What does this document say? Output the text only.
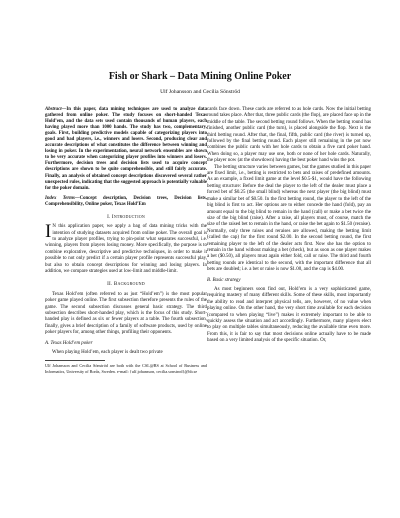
Fish or Shark – Data Mining Online Poker
Ulf Johansson and Cecilia Sönströd
Abstract—In this paper, data mining techniques are used to analyze data gathered from online poker. The study focuses on short-handed Texas Hold’em, and the data sets used contain thousands of human players, each having played more than 1000 hands. The study has two, complementary, goals. First, building predictive models capable of categorizing players into good and bad players, i.e., winners and losers. Second, producing clear and accurate descriptions of what constitutes the difference between winning and losing in poker. In the experimentation, neural network ensembles are shown to be very accurate when categorizing player profiles into winners and losers. Furthermore, decision trees and decision lists used to acquire concept descriptions are shown to be quite comprehensible, and still fairly accurate. Finally, an analysis of obtained concept descriptions discovered several rather unexpected rules, indicating that the suggested approach is potentially valuable for the poker domain.
Index Terms—Concept description, Decision trees, Decision lists, Comprehensibility, Online poker, Texas Hold’Em
I. Introduction

I N this application paper, we apply a bag of data mining tricks with the intention of studying datasets acquired from online poker. The overall goal is to analyze player profiles, trying to pin-point what separates successful, i.e. winning, players from players losing money. More specifically, the purpose is to combine explorative, descriptive and predictive techniques, in order to make it possible to not only predict if a certain player profile represents successful play, but also to obtain concept descriptions for winning and losing players. In addition, we compare strategies used at low-limit and middle-limit.

II. Background

Texas Hold’em (often referred to as just “Hold’em”) is the most popular poker game played online. The first subsection therefore presents the rules of the game. The second subsection discusses general basic strategy. The third subsection describes short-handed play, which is the focus of this study. Short-handed play is defined as six or fewer players at a table. The fourth subsection, finally, gives a brief description of a family of software products, used by online poker players for, among other things, profiling their opponents.

A. Texas Hold’em poker

When playing Hold’em, each player is dealt two private

Ulf Johansson and Cecilia Sönströd are both with the CSL@BS at School of Business and Informatics, University of Borås, Sweden. e-mail: {ulf.johansson, cecilia.sonstrod}@hb.se

cards face down. These cards are referred to as hole cards. Now the initial betting round takes place. After that, three public cards (the flop), are placed face up in the middle of the table. The second betting round follows. When the betting round has finished, another public card (the turn), is placed alongside the flop. Next is the third betting round. After that, the final, fifth, public card (the river) is turned up, followed by the final betting round. Each player still remaining in the pot now combines the public cards with her hole cards to obtain a five card poker hand. When doing so, a player may use one, both or none of her hole cards. Naturally, the player now (at the showdown) having the best poker hand wins the pot.

The betting structure varies between games, but the games studied in this paper are fixed limit, i.e., betting is restricted to bets and raises of predefined amounts. As an example, a fixed limit game at the level $0.5-$1, would have the following betting structure: Before the deal the player to the left of the dealer must place a forced bet of $0.25 (the small blind) whereas the next player (the big blind) must make a similar bet of $0.50. In the first betting round, the player to the left of the big blind is first to act. Her options are to either concede the hand (fold), pay an amount equal to the big blind to remain in the hand (call) or make a bet twice the size of the big blind (raise). After a raise, all players must, of course, match the size of the raised bet to remain in the hand, or raise the bet again to $1.50 (reraise). Normally, only three raises and reraises are allowed, making the betting limit (called the cap) for the first round $2.00. In the second betting round, the first remaining player to the left of the dealer acts first. Now she has the option to remain in the hand without making a bet (check), but as soon as one player makes a bet ($0.50), all players must again either fold, call or raise. The third and fourth betting rounds are identical to the second, with the important difference that all bets are doubled; i.e. a bet or raise is now $1.00, and the cap is $4.00.

B. Basic strategy

As most beginners soon find out, Hold’em is a very sophisticated game, requiring mastery of many different skills. Some of these skills, most importantly the ability to read and interpret physical tells, are, however, of no value when playing online. On the other hand, the very short time available for each decision (compared to when playing “live”) makes it extremely important to be able to quickly assess the situation and act accordingly. Furthermore, many players elect to play on multiple tables simultaneously, reducing the available time even more. From this, it is fair to say that most decisions online actually have to be made based on a very limited analysis of the specific situation. Or,
